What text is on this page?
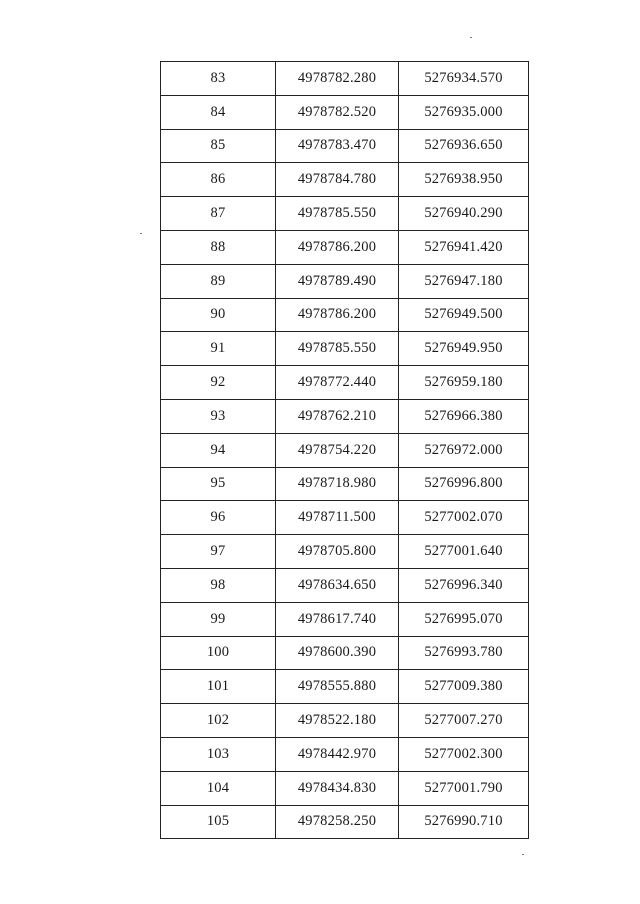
83	4978782.280	5276934.570
84	4978782.520	5276935.000
85	4978783.470	5276936.650
86	4978784.780	5276938.950
87	4978785.550	5276940.290
88	4978786.200	5276941.420
89	4978789.490	5276947.180
90	4978786.200	5276949.500
91	4978785.550	5276949.950
92	4978772.440	5276959.180
93	4978762.210	5276966.380
94	4978754.220	5276972.000
95	4978718.980	5276996.800
96	4978711.500	5277002.070
97	4978705.800	5277001.640
98	4978634.650	5276996.340
99	4978617.740	5276995.070
100	4978600.390	5276993.780
101	4978555.880	5277009.380
102	4978522.180	5277007.270
103	4978442.970	5277002.300
104	4978434.830	5277001.790
105	4978258.250	5276990.710
